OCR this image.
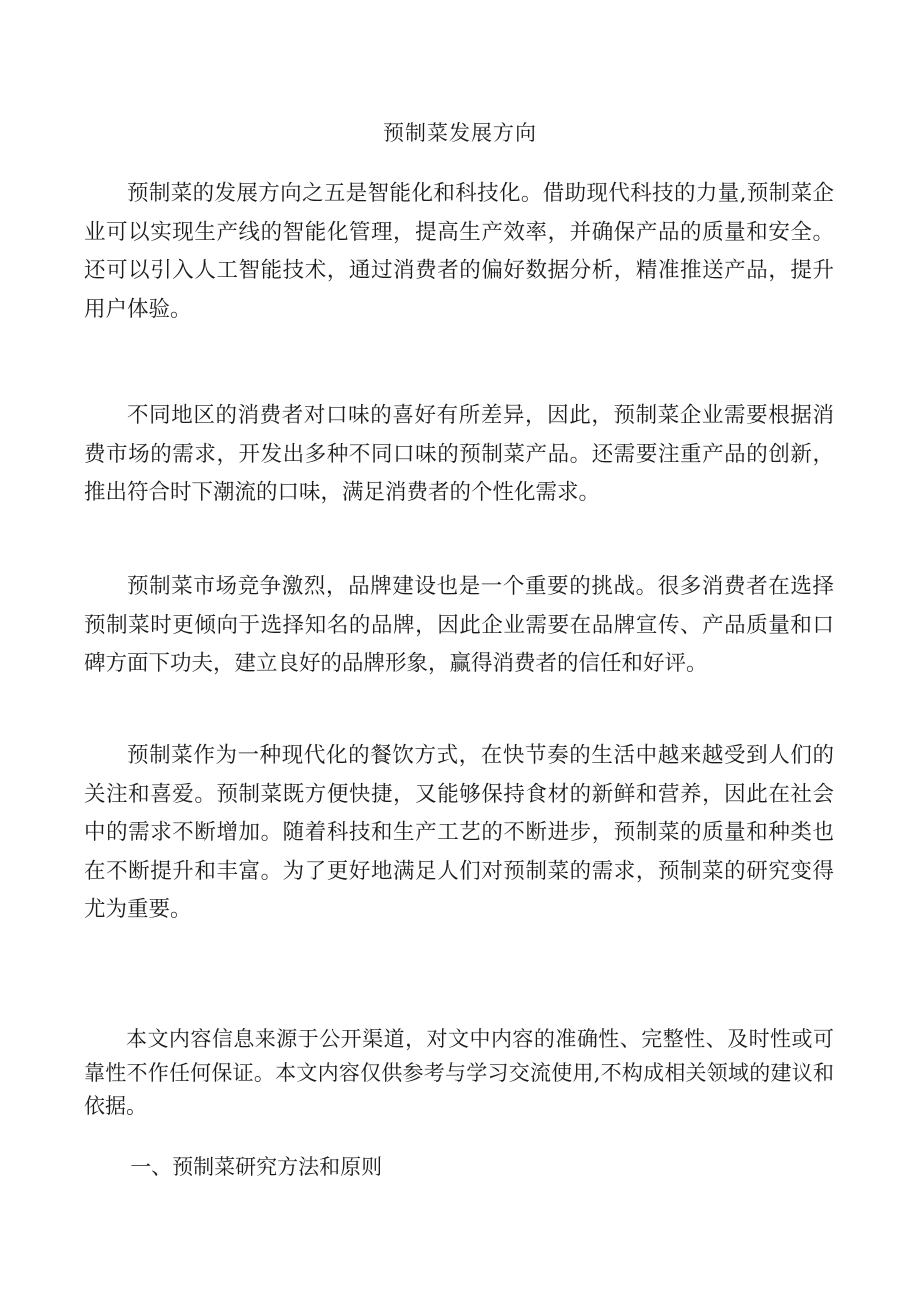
预制菜发展方向

预制菜的发展方向之五是智能化和科技化。借助现代科技的力量,预制菜企业可以实现生产线的智能化管理，提高生产效率，并确保产品的质量和安全。还可以引入人工智能技术，通过消费者的偏好数据分析，精准推送产品，提升用户体验。

不同地区的消费者对口味的喜好有所差异，因此，预制菜企业需要根据消费市场的需求，开发出多种不同口味的预制菜产品。还需要注重产品的创新，推出符合时下潮流的口味，满足消费者的个性化需求。

预制菜市场竞争激烈，品牌建设也是一个重要的挑战。很多消费者在选择预制菜时更倾向于选择知名的品牌，因此企业需要在品牌宣传、产品质量和口碑方面下功夫，建立良好的品牌形象，赢得消费者的信任和好评。

预制菜作为一种现代化的餐饮方式，在快节奏的生活中越来越受到人们的关注和喜爱。预制菜既方便快捷，又能够保持食材的新鲜和营养，因此在社会中的需求不断增加。随着科技和生产工艺的不断进步，预制菜的质量和种类也在不断提升和丰富。为了更好地满足人们对预制菜的需求，预制菜的研究变得尤为重要。

本文内容信息来源于公开渠道，对文中内容的准确性、完整性、及时性或可靠性不作任何保证。本文内容仅供参考与学习交流使用,不构成相关领域的建议和依据。

一、预制菜研究方法和原则
